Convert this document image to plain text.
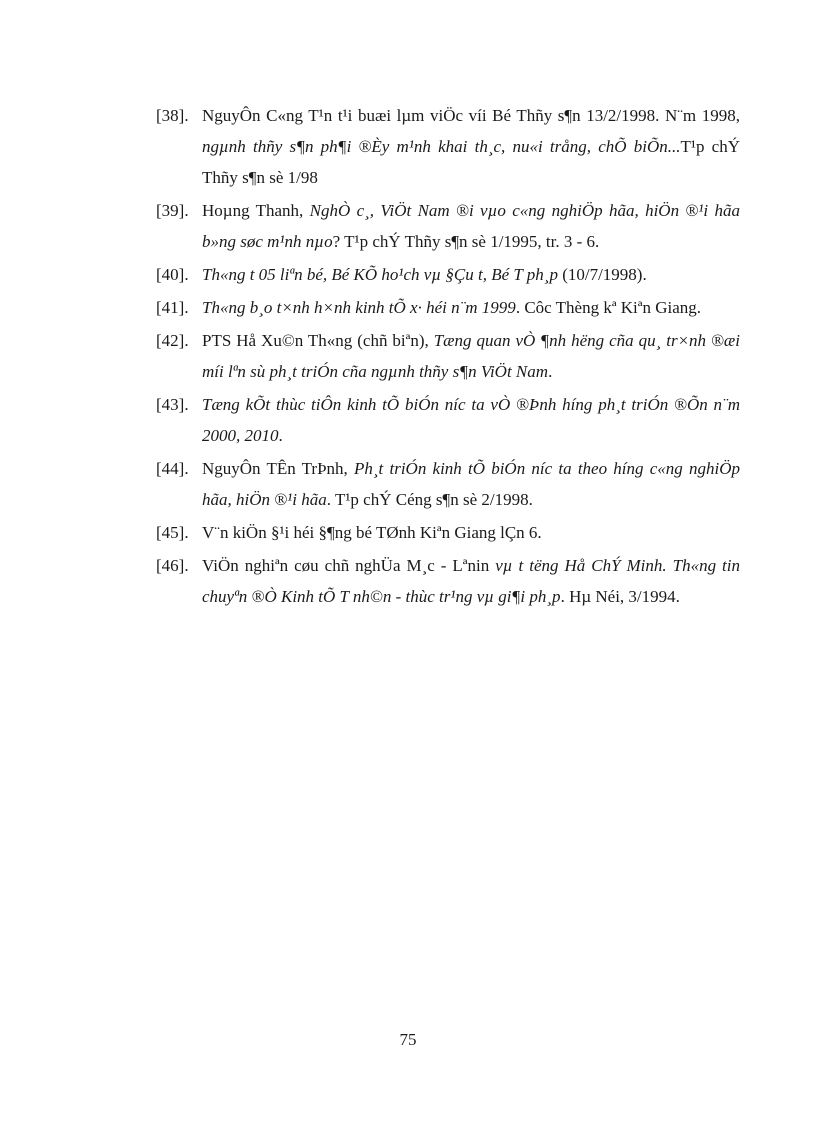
[38]. NguyÔn C«ng T¹n t¹i buæi lµm viÖc víi Bé Thñy s¶n 13/2/1998. N¨m 1998, ngµnh thñy s¶n ph¶i ®Èy m¹nh khai th¸c, nu«i trång, chÕ biÕn...T¹p chÝ Thñy s¶n sè 1/98
[39]. Hoµng Thanh, NghÒ c¸, ViÖt Nam ®i vµo c«ng nghiÖp hãa, hiÖn ®¹i hãa b»ng søc m¹nh nµo? T¹p chÝ Thñy s¶n sè 1/1995, tr. 3 - 6.
[40]. Th«ng t 05 liªn bé, Bé KÕ ho¹ch vµ §Çu t, Bé T ph¸p (10/7/1998).
[41]. Th«ng b¸o t×nh h×nh kinh tÕ x· héi n¨m 1999. Côc Thèng kª Kiªn Giang.
[42]. PTS Hå Xu©n Th«ng (chñ biªn), Tæng quan vÒ ¶nh hëng cña qu¸ tr×nh ®æi míi lªn sù ph¸t triÓn cña ngµnh thñy s¶n ViÖt Nam.
[43]. Tæng kÕt thùc tiÔn kinh tÕ biÓn níc ta vÒ ®Þnh híng ph¸t triÓn ®Õn n¨m 2000, 2010.
[44]. NguyÔn TÊn TrÞnh, Ph¸t triÓn kinh tÕ biÓn níc ta theo híng c«ng nghiÖp hãa, hiÖn ®¹i hãa. T¹p chÝ Céng s¶n sè 2/1998.
[45]. V¨n kiÖn §¹i héi §¶ng bé TØnh Kiªn Giang lÇn 6.
[46]. ViÖn nghiªn cøu chñ nghÜa M¸c - Lªnin vµ t tëng Hå ChÝ Minh. Th«ng tin chuyªn ®Ò Kinh tÕ T nh©n - thùc tr¹ng vµ gi¶i ph¸p. Hµ Néi, 3/1994.
75
